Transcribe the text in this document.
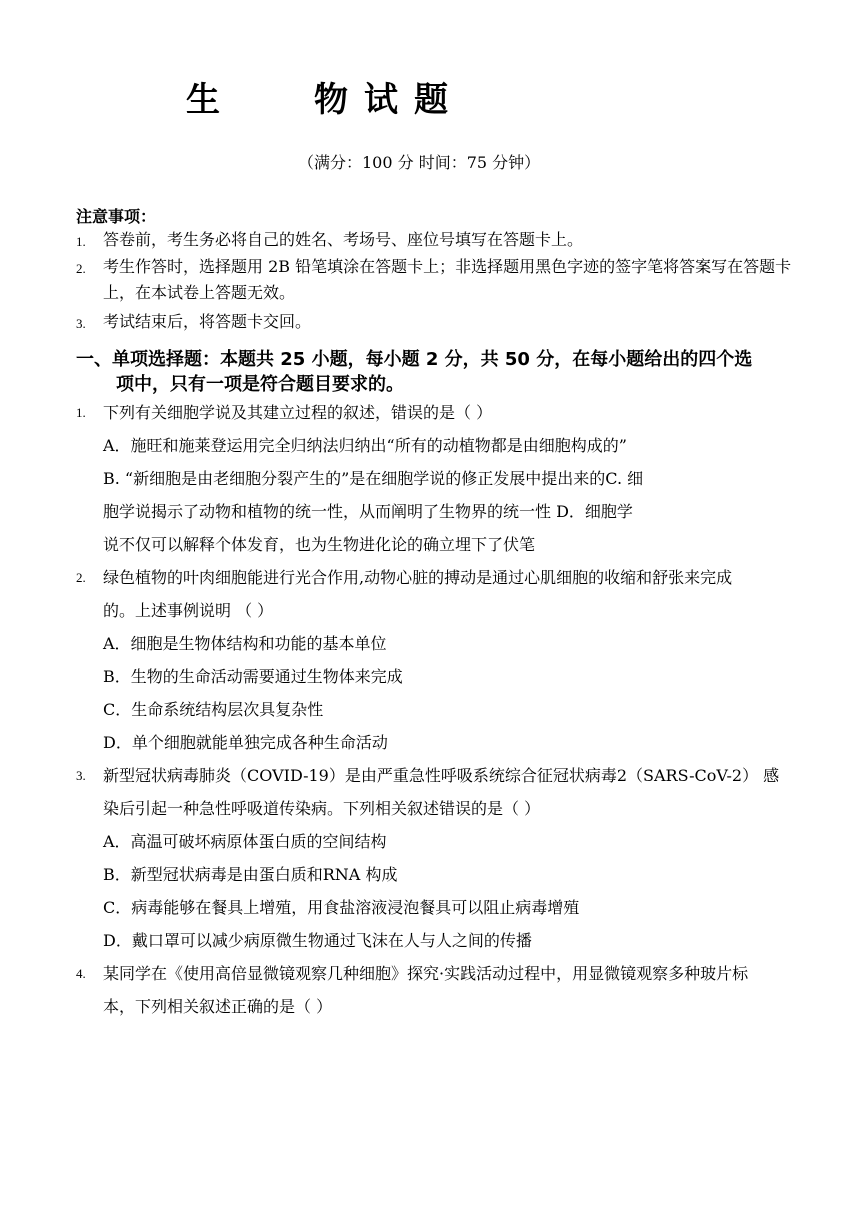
生	物 试 题
（满分：100 分 时间：75 分钟）
注意事项：
1. 答卷前，考生务必将自己的姓名、考场号、座位号填写在答题卡上。
2. 考生作答时，选择题用 2B 铅笔填涂在答题卡上；非选择题用黑色字迹的签字笔将答案写在答题卡
上，在本试卷上答题无效。
3. 考试结束后，将答题卡交回。
一、单项选择题：本题共 25 小题，每小题 2 分，共 50 分，在每小题给出的四个选
项中，只有一项是符合题目要求的。
1. 下列有关细胞学说及其建立过程的叙述，错误的是（ ）
A．施旺和施莱登运用完全归纳法归纳出“所有的动植物都是由细胞构成的”
B. “新细胞是由老细胞分裂产生的”是在细胞学说的修正发展中提出来的C. 细
胞学说揭示了动物和植物的统一性，从而阐明了生物界的统一性 D．细胞学
说不仅可以解释个体发育，也为生物进化论的确立埋下了伏笔
2. 绿色植物的叶肉细胞能进行光合作用,动物心脏的搏动是通过心肌细胞的收缩和舒张来完成
的。上述事例说明 （ ）
A．细胞是生物体结构和功能的基本单位
B．生物的生命活动需要通过生物体来完成
C．生命系统结构层次具复杂性
D．单个细胞就能单独完成各种生命活动
3. 新型冠状病毒肺炎（COVID-19）是由严重急性呼吸系统综合征冠状病毒2（SARS-CoV-2） 感
染后引起一种急性呼吸道传染病。下列相关叙述错误的是（ ）
A．高温可破坏病原体蛋白质的空间结构
B．新型冠状病毒是由蛋白质和RNA 构成
C．病毒能够在餐具上增殖，用食盐溶液浸泡餐具可以阻止病毒增殖
D．戴口罩可以减少病原微生物通过飞沫在人与人之间的传播
4. 某同学在《使用高倍显微镜观察几种细胞》探究·实践活动过程中，用显微镜观察多种玻片标
本，下列相关叙述正确的是（ ）
